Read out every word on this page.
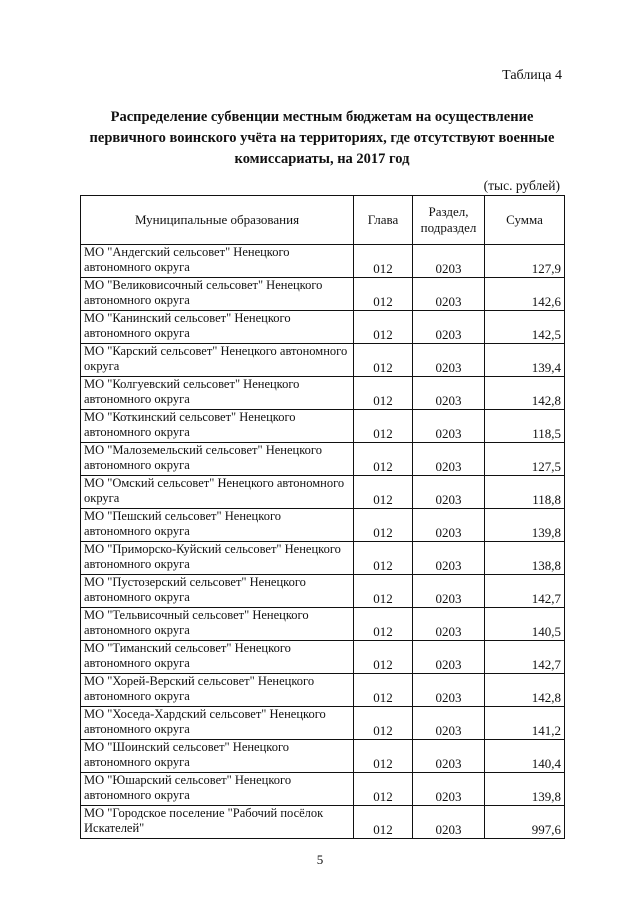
Таблица 4
Распределение субвенции местным бюджетам на осуществление первичного воинского учёта на территориях, где отсутствуют военные комиссариаты, на 2017 год
(тыс. рублей)
Муниципальные образования	Глава	Раздел, подраздел	Сумма
МО "Андегский сельсовет" Ненецкого автономного округа	012	0203	127,9
МО "Великовисочный сельсовет" Ненецкого автономного округа	012	0203	142,6
МО "Канинский сельсовет" Ненецкого автономного округа	012	0203	142,5
МО "Карский сельсовет" Ненецкого автономного округа	012	0203	139,4
МО "Колгуевский сельсовет" Ненецкого автономного округа	012	0203	142,8
МО "Коткинский сельсовет" Ненецкого автономного округа	012	0203	118,5
МО "Малоземельский сельсовет" Ненецкого автономного округа	012	0203	127,5
МО "Омский сельсовет" Ненецкого автономного округа	012	0203	118,8
МО "Пешский сельсовет" Ненецкого автономного округа	012	0203	139,8
МО "Приморско-Куйский сельсовет" Ненецкого автономного округа	012	0203	138,8
МО "Пустозерский сельсовет" Ненецкого автономного округа	012	0203	142,7
МО "Тельвисочный сельсовет" Ненецкого автономного округа	012	0203	140,5
МО "Тиманский сельсовет" Ненецкого автономного округа	012	0203	142,7
МО "Хорей-Верский сельсовет" Ненецкого автономного округа	012	0203	142,8
МО "Хоседа-Хардский сельсовет" Ненецкого автономного округа	012	0203	141,2
МО "Шоинский сельсовет" Ненецкого автономного округа	012	0203	140,4
МО "Юшарский сельсовет" Ненецкого автономного округа	012	0203	139,8
МО "Городское поселение "Рабочий посёлок Искателей"	012	0203	997,6
5
